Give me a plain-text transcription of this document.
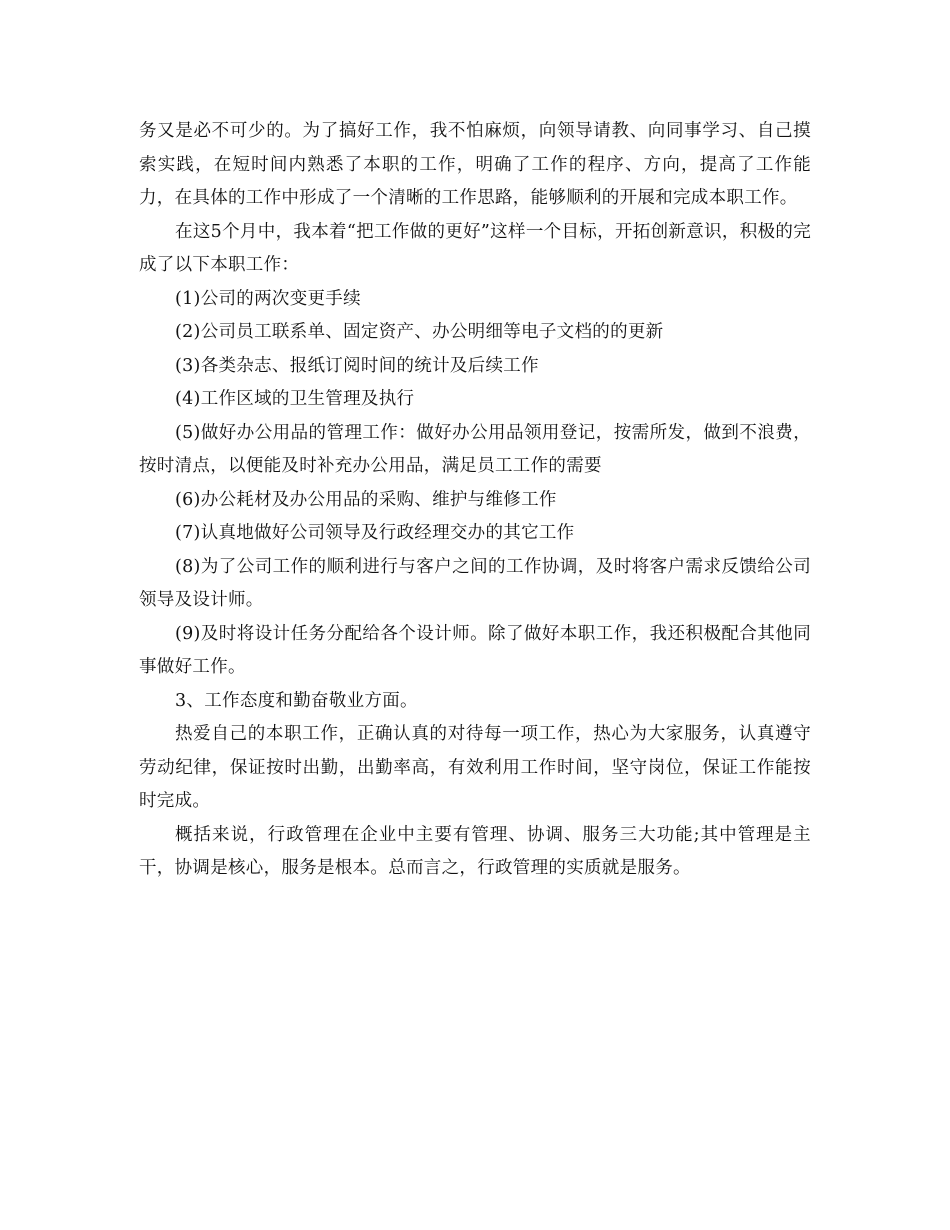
务又是必不可少的。为了搞好工作，我不怕麻烦，向领导请教、向同事学习、自己摸索实践，在短时间内熟悉了本职的工作，明确了工作的程序、方向，提高了工作能力，在具体的工作中形成了一个清晰的工作思路，能够顺利的开展和完成本职工作。

在这5个月中，我本着“把工作做的更好”这样一个目标，开拓创新意识，积极的完成了以下本职工作：

(1)公司的两次变更手续

(2)公司员工联系单、固定资产、办公明细等电子文档的的更新

(3)各类杂志、报纸订阅时间的统计及后续工作

(4)工作区域的卫生管理及执行

(5)做好办公用品的管理工作：做好办公用品领用登记，按需所发，做到不浪费，按时清点，以便能及时补充办公用品，满足员工工作的需要

(6)办公耗材及办公用品的采购、维护与维修工作

(7)认真地做好公司领导及行政经理交办的其它工作

(8)为了公司工作的顺利进行与客户之间的工作协调，及时将客户需求反馈给公司领导及设计师。

(9)及时将设计任务分配给各个设计师。除了做好本职工作，我还积极配合其他同事做好工作。

3、工作态度和勤奋敬业方面。

热爱自己的本职工作，正确认真的对待每一项工作，热心为大家服务，认真遵守劳动纪律，保证按时出勤，出勤率高，有效利用工作时间，坚守岗位，保证工作能按时完成。

概括来说，行政管理在企业中主要有管理、协调、服务三大功能;其中管理是主干，协调是核心，服务是根本。总而言之，行政管理的实质就是服务。
